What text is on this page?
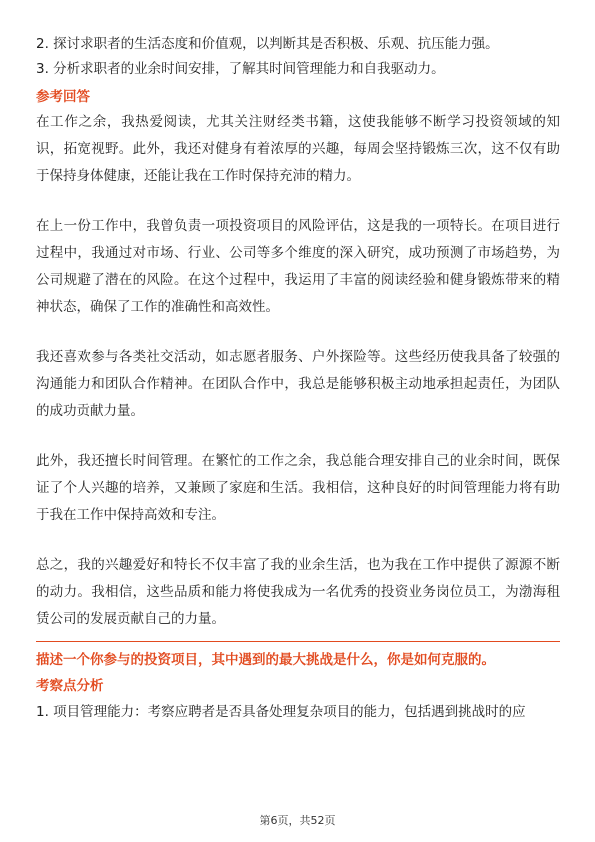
2. 探讨求职者的生活态度和价值观，以判断其是否积极、乐观、抗压能力强。

3. 分析求职者的业余时间安排，了解其时间管理能力和自我驱动力。

参考回答

在工作之余，我热爱阅读，尤其关注财经类书籍，这使我能够不断学习投资领域的知识，拓宽视野。此外，我还对健身有着浓厚的兴趣，每周会坚持锻炼三次，这不仅有助于保持身体健康，还能让我在工作时保持充沛的精力。

在上一份工作中，我曾负责一项投资项目的风险评估，这是我的一项特长。在项目进行过程中，我通过对市场、行业、公司等多个维度的深入研究，成功预测了市场趋势，为公司规避了潜在的风险。在这个过程中，我运用了丰富的阅读经验和健身锻炼带来的精神状态，确保了工作的准确性和高效性。

我还喜欢参与各类社交活动，如志愿者服务、户外探险等。这些经历使我具备了较强的沟通能力和团队合作精神。在团队合作中，我总是能够积极主动地承担起责任，为团队的成功贡献力量。

此外，我还擅长时间管理。在繁忙的工作之余，我总能合理安排自己的业余时间，既保证了个人兴趣的培养，又兼顾了家庭和生活。我相信，这种良好的时间管理能力将有助于我在工作中保持高效和专注。

总之，我的兴趣爱好和特长不仅丰富了我的业余生活，也为我在工作中提供了源源不断的动力。我相信，这些品质和能力将使我成为一名优秀的投资业务岗位员工，为渤海租赁公司的发展贡献自己的力量。

描述一个你参与的投资项目，其中遇到的最大挑战是什么，你是如何克服的。

考察点分析

1. 项目管理能力：考察应聘者是否具备处理复杂项目的能力，包括遇到挑战时的应

第6页，共52页
